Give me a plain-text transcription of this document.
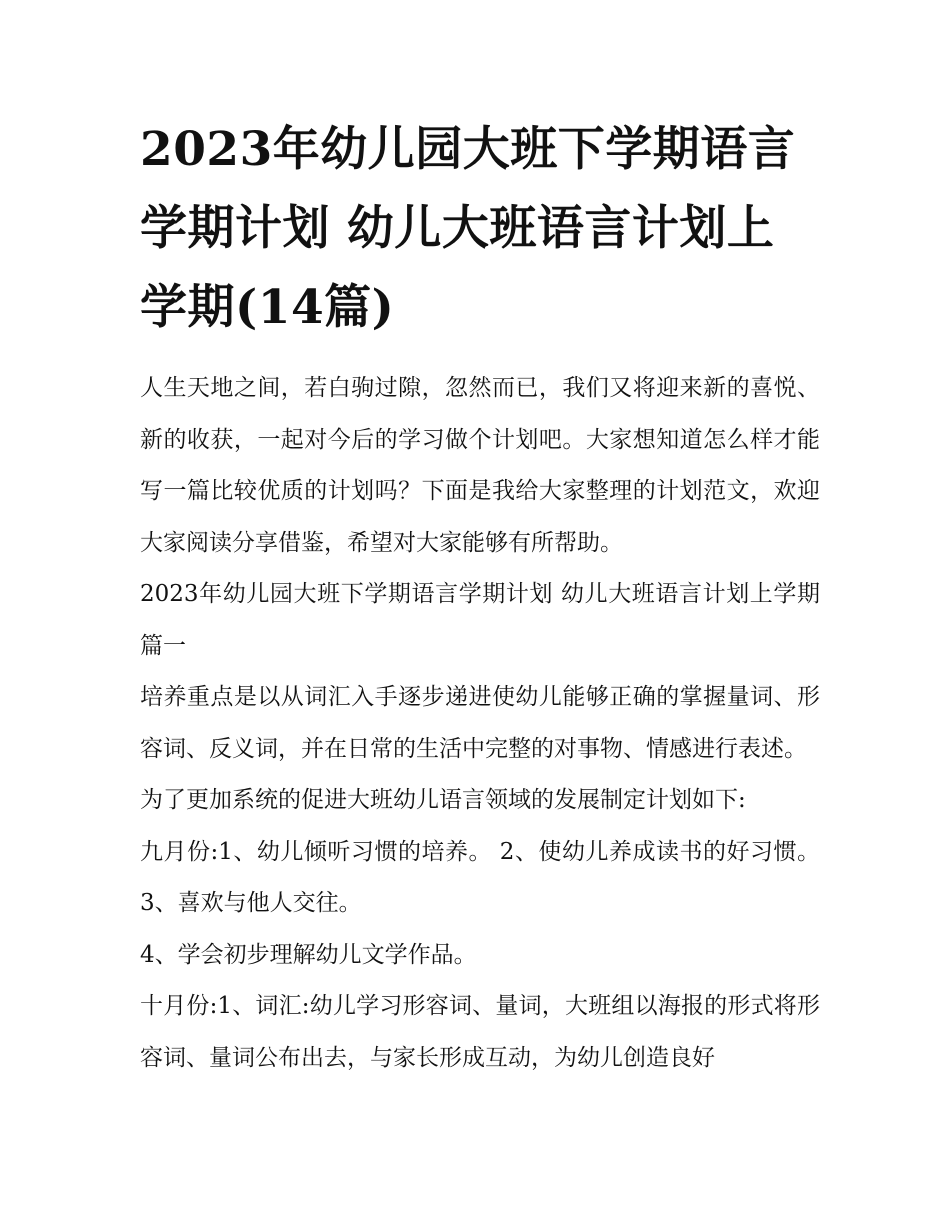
2023年幼儿园大班下学期语言学期计划 幼儿大班语言计划上学期(14篇)

人生天地之间，若白驹过隙，忽然而已，我们又将迎来新的喜悦、新的收获，一起对今后的学习做个计划吧。大家想知道怎么样才能写一篇比较优质的计划吗？下面是我给大家整理的计划范文，欢迎大家阅读分享借鉴，希望对大家能够有所帮助。

2023年幼儿园大班下学期语言学期计划 幼儿大班语言计划上学期篇一

培养重点是以从词汇入手逐步递进使幼儿能够正确的掌握量词、形容词、反义词，并在日常的生活中完整的对事物、情感进行表述。

为了更加系统的促进大班幼儿语言领域的发展制定计划如下:

九月份:1、幼儿倾听习惯的培养。 2、使幼儿养成读书的好习惯。 3、喜欢与他人交往。

4、学会初步理解幼儿文学作品。

十月份:1、词汇:幼儿学习形容词、量词，大班组以海报的形式将形容词、量词公布出去，与家长形成互动，为幼儿创造良好
